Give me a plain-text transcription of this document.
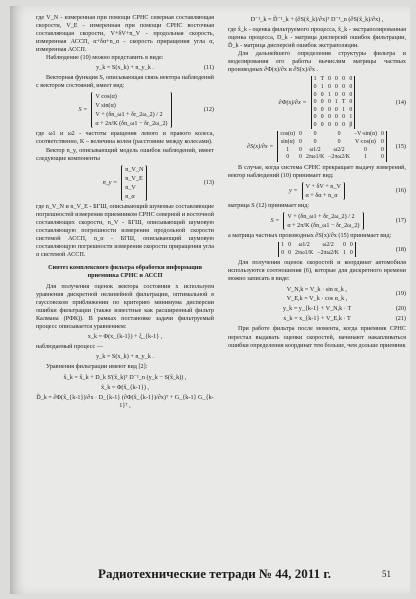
где V_N - измеренная при помощи СРНС северная составляющая скорости, V_E - измеренная при помощи СРНС восточная составляющая скорости, V+δV+n_V - продольная скорость, измеренная АССП, α+δα+n_α - скорость приращения угла α, измеренная АССП.

Наблюдение (10) можно представить в виде:

y_k = S(x_k) + n_y_k .	(11)

Векторная функция S, описывающая связь вектора наблюдений с вектором состояний, имеет вид:

S =
V cos(α)
V sin(α)
V + (δn_ω1 + δr_2ω_2) / 2
α + 2π/K (δn_ω1 − δr_2ω_2)
(12)

где ω1 и ω2 - частоты вращения левого и правого колеса, соответственно, K – величина колеи (расстояние между колесами).

Вектор n_y, описывающий модель ошибок наблюдений, имеет следующие компоненты

n_y =
n_V_N
n_V_E
n_V
n_α
(13)

где n_V_N и n_V_E - БГШ, описывающий шумовые составляющие погрешностей измерения приемником СРНС северной и восточной составляющих скорости, n_V - БГШ, описывающий шумовую составляющую погрешности измерения продольной скорости системой АССП, n_α - БГШ, описывающий шумовую составляющую погрешности измерения скорости приращения угла α системой АССП.

Синтез комплексного фильтра обработки информации приемника СРНС и АССП

Для получения оценок вектора состояния x используем уравнения дискретной нелинейной фильтрации, оптимальной в гауссовском приближении по критерию минимума дисперсии ошибки фильтрации (также известные как расширенный фильтр Калмана (РФК)). В рамках постановке задачи фильтруемый процесс описывается уравнением:

x_k = Φ(x_{k-1}) + ξ_{k-1} ,

наблюдаемый процесс —

y_k = S(x_k) + n_y_k .

Уравнения фильтрации имеют вид [2]:

x̂_k = x̂_k + D_k S'(x̂_k)ᵀ D⁻¹_n (y_k − S(x̂_k)) ,

x̃_k = Φ(x̂_{k-1}) ,

D̃_k = ∂Φ(x̂_{k-1})/∂x · D_{k-1} (∂Φ(x̂_{k-1})/∂x)ᵀ + G_{k-1} G_{k-1}ᵀ ,

D⁻¹_k = D̃⁻¹_k + (∂S(x̃_k)/∂x)ᵀ D⁻¹_n (∂S(x̃_k)/∂x) ,

где x̂_k - оценка фильтруемого процесса, x̃_k - экстраполированная оценка процесса, D_k - матрица дисперсий ошибок фильтрации, D̃_k - матрица дисперсий ошибок экстраполяции.

Для дальнейшего определения структуры фильтра и моделирования его работы вычислим матрицы частных производных ∂Φ(x)/∂x и ∂S(x)/∂x .

∂Φ(x)/∂x =
1	T	0	0	0	0
0	1	0	0	0	0
0	0	1	0	0	0
0	0	0	1	T	0
0	0	0	0	1	0
0	0	0	0	0	1
0	0	0	0	0	β
(14)
∂S(x)/∂x =
cos(α)	0	0	0	−V·sin(α)	0
sin(α)	0	0	0	V·cos(α)	0
1	0	ω1/2	ω2/2	0	0
0	0	2πω1/K	−2πω2/K	1	0
(15)

В случае, когда система СРНС прекращает выдачу измерений, вектор наблюдений (10) принимает вид:

y =
V + δV + n_V
α + δα + n_α
(16)

матрица S (12) принимает вид:

S =
V + (δn_ω1 + δr_2ω_2) / 2
α + 2π/K (δn_ω1 − δr_2ω_2)
(17)

а матрица частных производных ∂S(x)/∂x (15) принимает вид:

1	0	ω1/2	ω2/2	0	0
0	0	2πω1/K	−2πω2/K	1	0
(18)

Для получения оценок скоростей и координат автомобиля используются соотношения (6), которые для дискретного времени можно записать в виде:

V_N,k = V_k · sin α_k ,
V_E,k = V_k · cos α_k ,
(19)
y_k = y_{k-1} + V_N,k · T	(20)
x_k = x_{k-1} + V_E,k · T	(21)

При работе фильтра после момента, когда приемник СРНС перестал выдавать оценки скоростей, начинают накапливаться ошибки определения координат тем больше, чем дольше приемник

Радиотехнические тетради № 44, 2011 г.	51
